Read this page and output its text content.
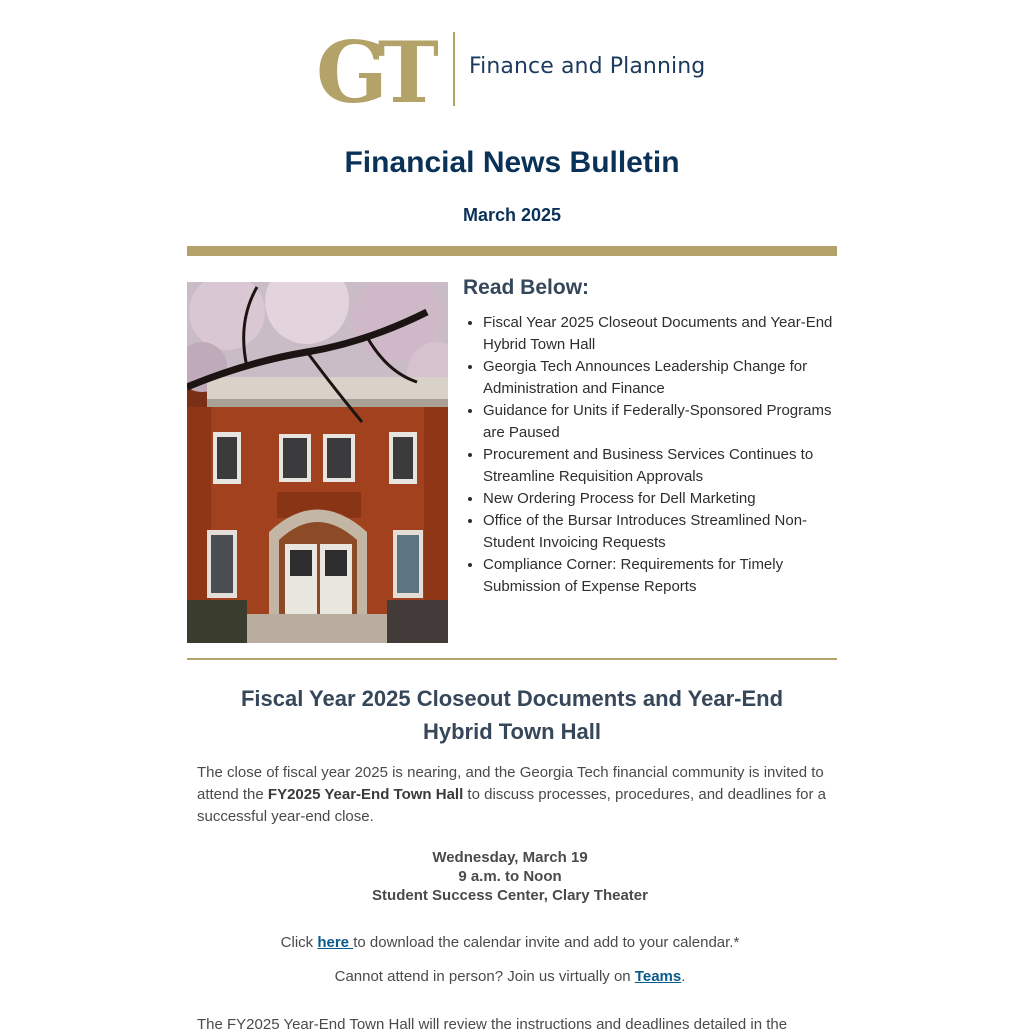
GT	Finance and Planning
Financial News Bulletin

March 2025

Read Below:
• Fiscal Year 2025 Closeout Documents and Year-End Hybrid Town Hall
• Georgia Tech Announces Leadership Change for Administration and Finance
• Guidance for Units if Federally-Sponsored Programs are Paused
• Procurement and Business Services Continues to Streamline Requisition Approvals
• New Ordering Process for Dell Marketing
• Office of the Bursar Introduces Streamlined Non-Student Invoicing Requests
• Compliance Corner: Requirements for Timely Submission of Expense Reports
Fiscal Year 2025 Closeout Documents and Year-End Hybrid Town Hall

The close of fiscal year 2025 is nearing, and the Georgia Tech financial community is invited to attend the FY2025 Year-End Town Hall to discuss processes, procedures, and deadlines for a successful year-end close.

Wednesday, March 19
9 a.m. to Noon
Student Success Center, Clary Theater

Click here to download the calendar invite and add to your calendar.*

Cannot attend in person? Join us virtually on Teams.

The FY2025 Year-End Town Hall will review the instructions and deadlines detailed in the
